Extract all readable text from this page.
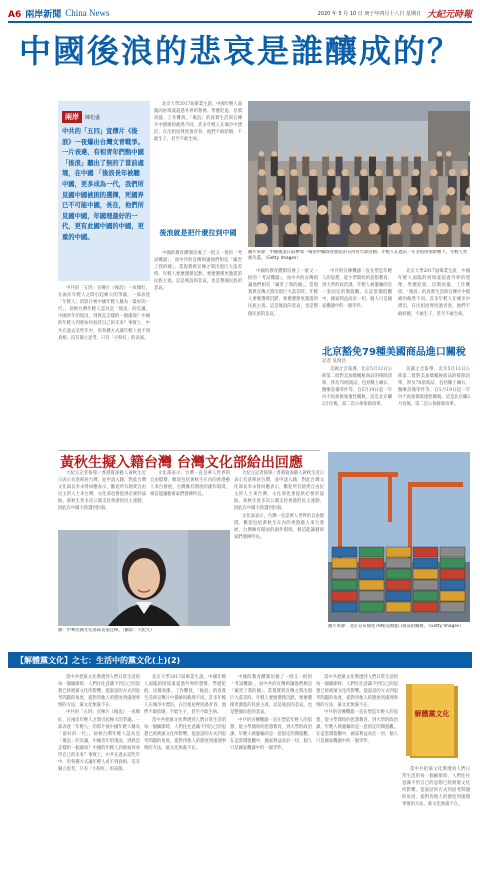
A6 兩岸新聞 China News	2020 年 5 月 10 日 庚子年四月十八日 星期日 大紀元時報
中國後浪的悲哀是誰釀成的？
兩岸 陳松盛
中共的「五四」宣傳片《後浪》一夜爆出台灣文青戰爭。一片表達、有相青年們熱中國「後浪」聽出了無的了當前處境，在中國 「後浪長年被聽中國，更多成為一代，我們所見國中國被困的選擇，死國界已不可能中國，長在，他們所見國中國，年國理最好的一代，更有此國中國的中國，更重的中國。

中共的「五四」宣傳片《後浪》一夜爆紅，在兩岸年輕人之間引起極大的爭議。一部表達「年輕人」的影片被中國年輕人稱為「最好的一代」，卻被台灣年輕人認為是「後浪」的反諷，中國青年的現況，到底是怎樣的一個處境？中國的年輕人到底如何看待自己的未來？事實上，中共在過去這些年中，用各種方式讓年輕人看不到真相，沒有獨立思考，只有「小粉紅」的表演。

北京大學2017屆畢業生說，中國年輕人面臨的困境遠超過外界的想像。學歷貶值、房價高漲、工作難找，「後浪」的真實生活與宣傳片中描繪的截然不同。許多年輕人在城市中漂泊，在出租屋裡度過青春，他們不敢結婚，不敢生子，甚至不敢生病。

後浪就是把什麼拉到中國

中國的教育體制培養了一批又一批的「考試機器」，而中共的宣傳則讓他們相信「厲害了我的國」。當現實與宣傳之間出現巨大落差時，年輕人要麼選擇沉默，要麼選擇更激進的民族主義。這是後浪的悲哀，也是整個民族的悲哀。

圖片來源：中國後浪日前參加一場由中國政府發起的五四青年節活動；年輕人在過去一年多因疫情影響下，年輕人更加失落。（Getty Images）

中國的教育體制培養了一批又一批的「考試機器」，而中共的宣傳則讓他們相信「厲害了我的國」。當現實與宣傳之間出現巨大落差時，年輕人要麼選擇沉默，要麼選擇更激進的民族主義。這是後浪的悲哀，也是整個民族的悲哀。

中共的宣傳機器一直在塑造年輕人的思想，從小學開始的思想教育，到大學的政治課，年輕人被灌輸的是一套固定的價值觀。在這套價值觀中，國家利益高於一切，個人只是國家機器中的一個零件。

北京大學2017屆畢業生說，中國年輕人面臨的困境遠超過外界的想像。學歷貶值、房價高漲、工作難找，「後浪」的真實生活與宣傳片中描繪的截然不同。許多年輕人在城市中漂泊，在出租屋裡度過青春，他們不敢結婚，不敢生子，甚至不敢生病。

北京豁免79種美國商品進口關稅
記者 吳瑞昌

美國之音報導，北京5月12日公佈第二批對美加徵關稅商品的排除清單，涉及79項商品，包括稀土礦石、醫療設備零件等，自5月19日起一年內不再加徵報復性關稅。這是北京繼2月份後，第二次公佈排除清單。

美國之音報導，北京5月12日公佈第二批對美加徵關稅商品的排除清單，涉及79項商品，包括稀土礦石、醫療設備零件等，自5月19日起一年內不再加徵報復性關稅。這是北京繼2月份後，第二次公佈排除清單。

黃秋生擬入籍台灣 台灣文化部給出回應

大紀元記者報導／香港資深藝人黃秋生近日表示有意移居台灣，並申請入籍，對此台灣文化部長李永得回應表示，歡迎所有熱愛自由民主的人士來台灣，文化部也會提供必要的協助。黃秋生曾多次公開支持香港的民主運動，因此在中國大陸遭到封殺。

文化部表示，台灣一直是華人世界的自由燈塔，歡迎包括黃秋生在內的香港藝人來台發展，台灣擁有開放的創作環境，相信能讓藝術家們發揮所長。

圖：中華民國文化部部長張宜樺。（攝影：大紀元）

大紀元記者報導／香港資深藝人黃秋生近日表示有意移居台灣，並申請入籍，對此台灣文化部長李永得回應表示，歡迎所有熱愛自由民主的人士來台灣，文化部也會提供必要的協助。黃秋生曾多次公開支持香港的民主運動，因此在中國大陸遭到封殺。

文化部表示，台灣一直是華人世界的自由燈塔，歡迎包括黃秋生在內的香港藝人來台發展，台灣擁有開放的創作環境，相信能讓藝術家們發揮所長。

圖片來源：北京宣布豁免79種美國進口商品的關稅。（Getty Images）
【解體黨文化】之七：生活中的黨文化(上)(2)

當中共把黨文化滲透到人們日常生活的每一個細節時，人們往往意識不到自己的思想已經被黨文化所影響。從說話的方式到思考問題的角度，從對待他人的態度到處理事情的方法，黨文化無處不在。

中共的「五四」宣傳片《後浪》一夜爆紅，在兩岸年輕人之間引起極大的爭議。一部表達「年輕人」的影片被中國年輕人稱為「最好的一代」，卻被台灣年輕人認為是「後浪」的反諷，中國青年的現況，到底是怎樣的一個處境？中國的年輕人到底如何看待自己的未來？事實上，中共在過去這些年中，用各種方式讓年輕人看不到真相，沒有獨立思考，只有「小粉紅」的表演。

北京大學2017屆畢業生說，中國年輕人面臨的困境遠超過外界的想像。學歷貶值、房價高漲、工作難找，「後浪」的真實生活與宣傳片中描繪的截然不同。許多年輕人在城市中漂泊，在出租屋裡度過青春，他們不敢結婚，不敢生子，甚至不敢生病。

當中共把黨文化滲透到人們日常生活的每一個細節時，人們往往意識不到自己的思想已經被黨文化所影響。從說話的方式到思考問題的角度，從對待他人的態度到處理事情的方法，黨文化無處不在。

中國的教育體制培養了一批又一批的「考試機器」，而中共的宣傳則讓他們相信「厲害了我的國」。當現實與宣傳之間出現巨大落差時，年輕人要麼選擇沉默，要麼選擇更激進的民族主義。這是後浪的悲哀，也是整個民族的悲哀。

中共的宣傳機器一直在塑造年輕人的思想，從小學開始的思想教育，到大學的政治課，年輕人被灌輸的是一套固定的價值觀。在這套價值觀中，國家利益高於一切，個人只是國家機器中的一個零件。

當中共把黨文化滲透到人們日常生活的每一個細節時，人們往往意識不到自己的思想已經被黨文化所影響。從說話的方式到思考問題的角度，從對待他人的態度到處理事情的方法，黨文化無處不在。

中共的宣傳機器一直在塑造年輕人的思想，從小學開始的思想教育，到大學的政治課，年輕人被灌輸的是一套固定的價值觀。在這套價值觀中，國家利益高於一切，個人只是國家機器中的一個零件。

當中共把黨文化滲透到人們日常生活的每一個細節時，人們往往意識不到自己的思想已經被黨文化所影響。從說話的方式到思考問題的角度，從對待他人的態度到處理事情的方法，黨文化無處不在。

解體黨文化
